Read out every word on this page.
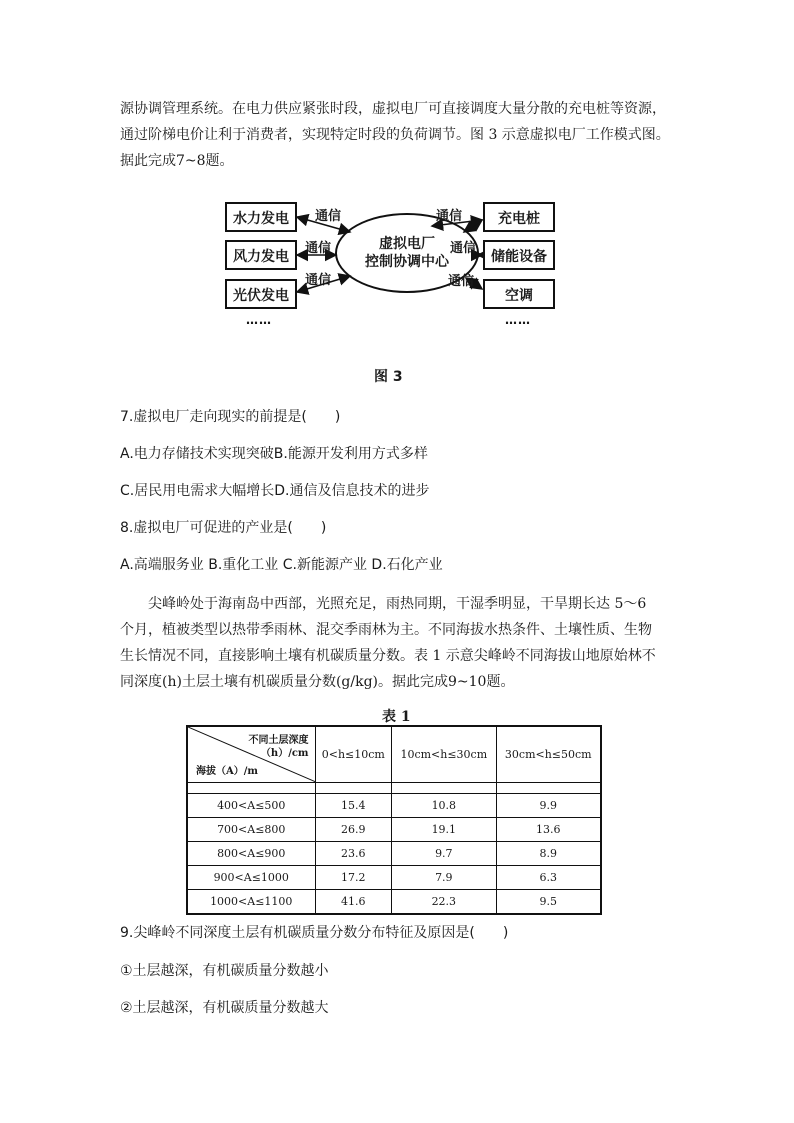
源协调管理系统。在电力供应紧张时段，虚拟电厂可直接调度大量分散的充电桩等资源，
通过阶梯电价让利于消费者，实现特定时段的负荷调节。图 3 示意虚拟电厂工作模式图。
据此完成7~8题。
水力发电
风力发电
光伏发电
……
虚拟电厂
控制协调中心
充电桩
储能设备
空调
……
通信
通信
通信
通信
通信
通信
图 3
7.虚拟电厂走向现实的前提是(　　)
A.电力存储技术实现突破B.能源开发利用方式多样
C.居民用电需求大幅增长D.通信及信息技术的进步
8.虚拟电厂可促进的产业是(　　)
A.高端服务业 B.重化工业 C.新能源产业 D.石化产业
尖峰岭处于海南岛中西部，光照充足，雨热同期，干湿季明显，干旱期长达 5～6
个月，植被类型以热带季雨林、混交季雨林为主。不同海拔水热条件、土壤性质、生物
生长情况不同，直接影响土壤有机碳质量分数。表 1 示意尖峰岭不同海拔山地原始林不
同深度(h)土层土壤有机碳质量分数(g/kg)。据此完成9~10题。
表 1
不同土层深度
（h）/cm
海拔（A）/m	0<h≤10cm	10cm<h≤30cm	30cm<h≤50cm

400<A≤500	15.4	10.8	9.9
700<A≤800	26.9	19.1	13.6
800<A≤900	23.6	9.7	8.9
900<A≤1000	17.2	7.9	6.3
1000<A≤1100	41.6	22.3	9.5
9.尖峰岭不同深度土层有机碳质量分数分布特征及原因是(　　)
①土层越深，有机碳质量分数越小
②土层越深，有机碳质量分数越大
